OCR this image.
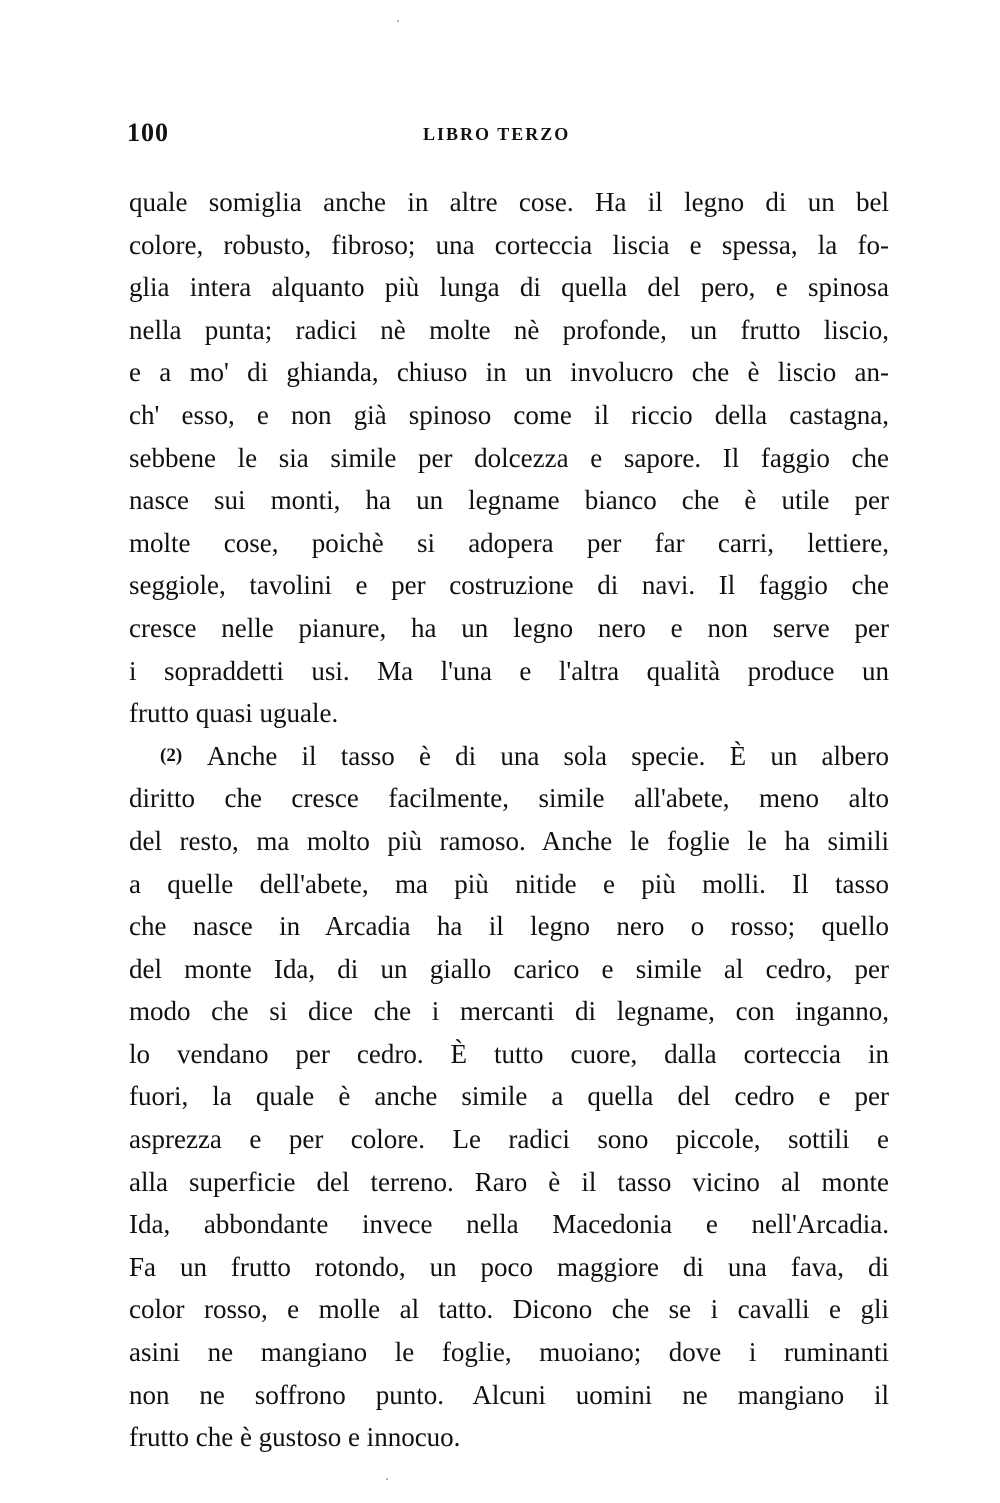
100	LIBRO TERZO
quale somiglia anche in altre cose. Ha il legno di un bel
colore, robusto, fibroso; una corteccia liscia e spessa, la fo-
glia intera alquanto più lunga di quella del pero, e spinosa
nella punta; radici nè molte nè profonde, un frutto liscio,
e a mo' di ghianda, chiuso in un involucro che è liscio an-
ch' esso, e non già spinoso come il riccio della castagna,
sebbene le sia simile per dolcezza e sapore. Il faggio che
nasce sui monti, ha un legname bianco che è utile per
molte cose, poichè si adopera per far carri, lettiere,
seggiole, tavolini e per costruzione di navi. Il faggio che
cresce nelle pianure, ha un legno nero e non serve per
i sopraddetti usi. Ma l'una e l'altra qualità produce un
frutto quasi uguale.
(2) Anche il tasso è di una sola specie. È un albero
diritto che cresce facilmente, simile all'abete, meno alto
del resto, ma molto più ramoso. Anche le foglie le ha simili
a quelle dell'abete, ma più nitide e più molli. Il tasso
che nasce in Arcadia ha il legno nero o rosso; quello
del monte Ida, di un giallo carico e simile al cedro, per
modo che si dice che i mercanti di legname, con inganno,
lo vendano per cedro. È tutto cuore, dalla corteccia in
fuori, la quale è anche simile a quella del cedro e per
asprezza e per colore. Le radici sono piccole, sottili e
alla superficie del terreno. Raro è il tasso vicino al monte
Ida, abbondante invece nella Macedonia e nell'Arcadia.
Fa un frutto rotondo, un poco maggiore di una fava, di
color rosso, e molle al tatto. Dicono che se i cavalli e gli
asini ne mangiano le foglie, muoiano; dove i ruminanti
non ne soffrono punto. Alcuni uomini ne mangiano il
frutto che è gustoso e innocuo.
